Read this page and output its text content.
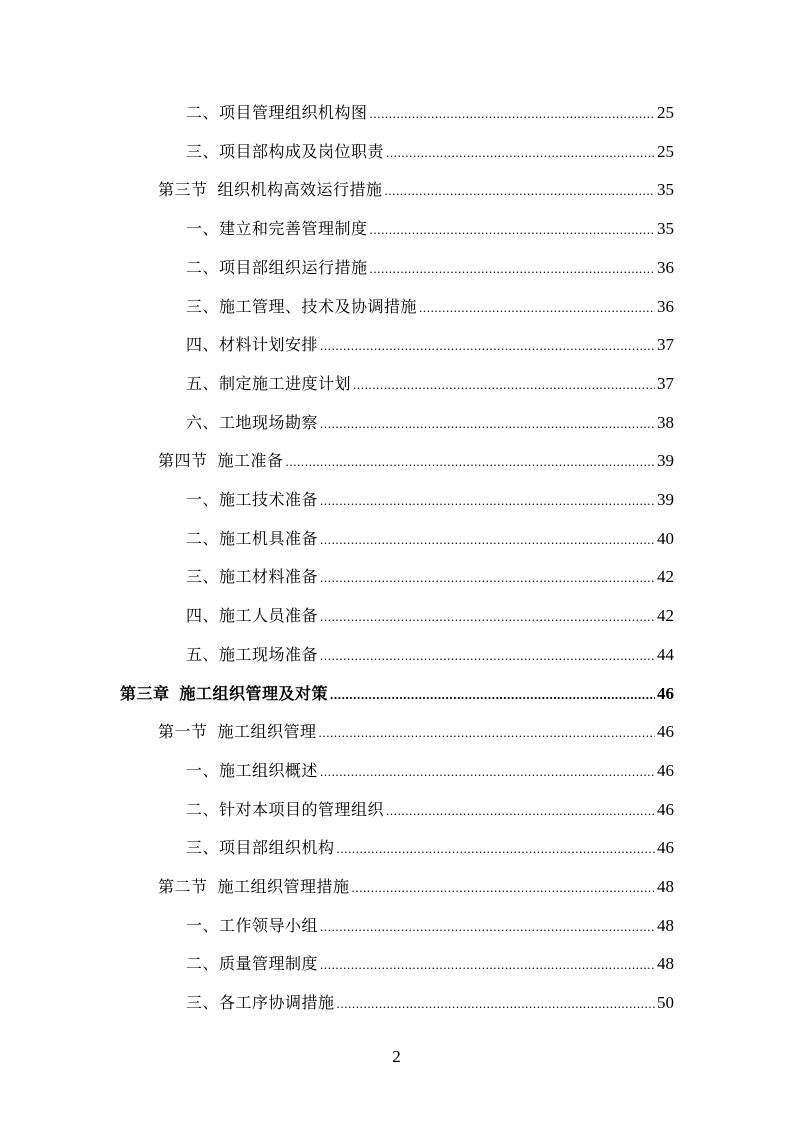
二、项目管理组织机构图 .....	25
三、项目部构成及岗位职责 .....	25
第三节 组织机构高效运行措施 .....	35
一、建立和完善管理制度 .....	35
二、项目部组织运行措施 .....	36
三、施工管理、技术及协调措施 .....	36
四、材料计划安排 .....	37
五、制定施工进度计划 .....	37
六、工地现场勘察 .....	38
第四节 施工准备 .....	39
一、施工技术准备 .....	39
二、施工机具准备 .....	40
三、施工材料准备 .....	42
四、施工人员准备 .....	42
五、施工现场准备 .....	44
第三章 施工组织管理及对策 .....	46
第一节 施工组织管理 .....	46
一、施工组织概述 .....	46
二、针对本项目的管理组织 .....	46
三、项目部组织机构 .....	46
第二节 施工组织管理措施 .....	48
一、工作领导小组 .....	48
二、质量管理制度 .....	48
三、各工序协调措施 .....	50
2
